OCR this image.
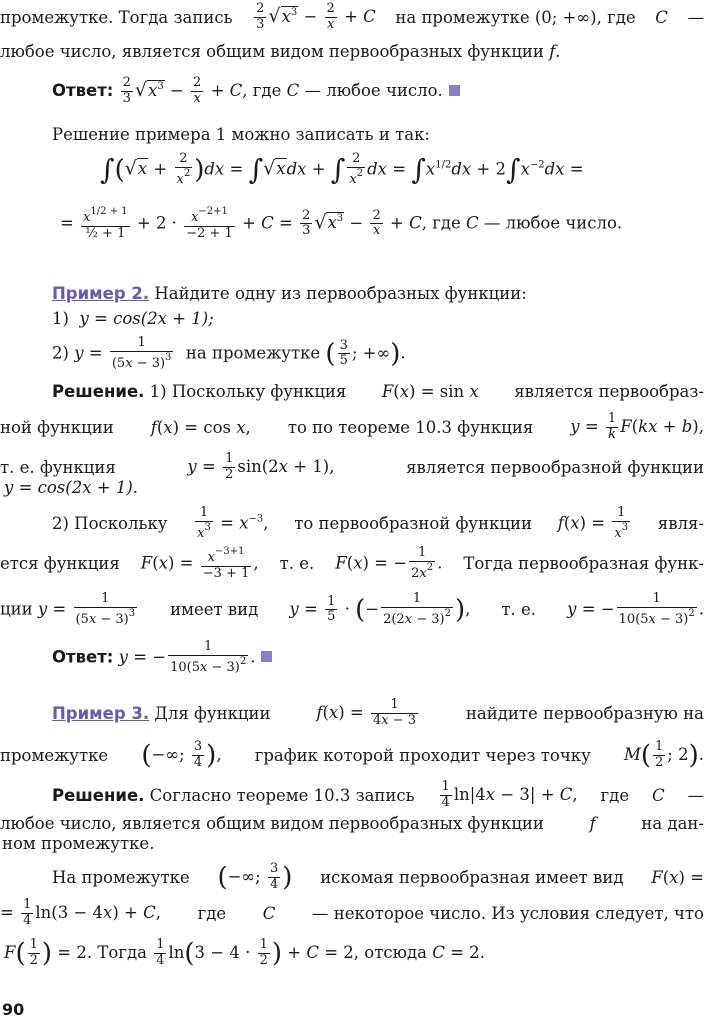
промежутке. Тогда запись $\frac{2}{3} √x^3 - \frac{2}{x} + C$ на промежутке (0; +∞), где C —
любое число, является общим видом первообразных функции f.
Ответ: $\frac{2}{3} √x^3 - \frac{2}{x} + C$, где C — любое число.
Решение примера 1 можно записать и так:
$\int(√x + \frac{2}{x^2} )dx = \int√xdx$ + ∫ $\frac{2}{x^2}$ dx = $\int x^{1/2}dx + 2\int x^{-2}dx$ =
= $\frac{x^{1/2 + 1}}{\text{½ + 1}} + 2 \cdot \frac{x^{-2+1}}{-2 + 1} + C = \frac{2}{3} √x^3 - \frac{2}{x} + C$, где C — любое число.
Пример 2. Найдите одну из первообразных функции:
1) y = cos(2x + 1);
2) $y = \frac{1}{(5x - 3)^3}$ на промежутке ( $\frac{3}{5}$ ; +∞).
Решение. 1) Поскольку функция F(x) = sin x является первообраз-
ной функции f(x) = cos x, то по теореме 10.3 функция $y = \frac{1}{k} F(kx + b)$,
т. е. функция	$y = \frac{1}{2} \sin(2x + 1)$,	является первообразной функции
y = cos(2x + 1).
2) Поскольку $\frac{1}{x^3} = x^{-3}$, то первообразной функции $f(x) = \frac{1}{x^3}$ явля-
ется функция $F(x) = \frac{x^{-3+1}}{-3 + 1}$ , т. е. F(x) = − $\frac{1}{2x^2}$ . Тогда первообразная функ-
ции $y = \frac{1}{(5x - 3)^3}$ имеет вид $y = \frac{1}{5}$ · (− $\frac{1}{2(2x - 3)^2}$ ), т. е. y = − $\frac{1}{10(5x - 3)^2}$ .
Ответ: y = − $\frac{1}{10(5x - 3)^2}$ .
Пример 3. Для функции	$f(x) = \frac{1}{4x - 3}$	найдите первообразную на
промежутке (−∞; $\frac{3}{4}$ ), график которой проходит через точку $M( \frac{1}{2}$ ; 2).
Решение. Согласно теореме 10.3 запись $\frac{1}{4} \ln|4x - 3| + C$, где C —
любое число, является общим видом первообразных функции	f	на дан-
ном промежутке.
На промежутке (−∞; $\frac{3}{4}$ ) искомая первообразная имеет вид F(x) =
= $\frac{1}{4} \ln(3 - 4x) + C$, где C — некоторое число. Из условия следует, что
$F( \frac{1}{2}$ ) = 2. Тогда $\frac{1}{4} \ln(3 - 4 \cdot \frac{1}{2}$ ) + C = 2, отсюда C = 2.
90
